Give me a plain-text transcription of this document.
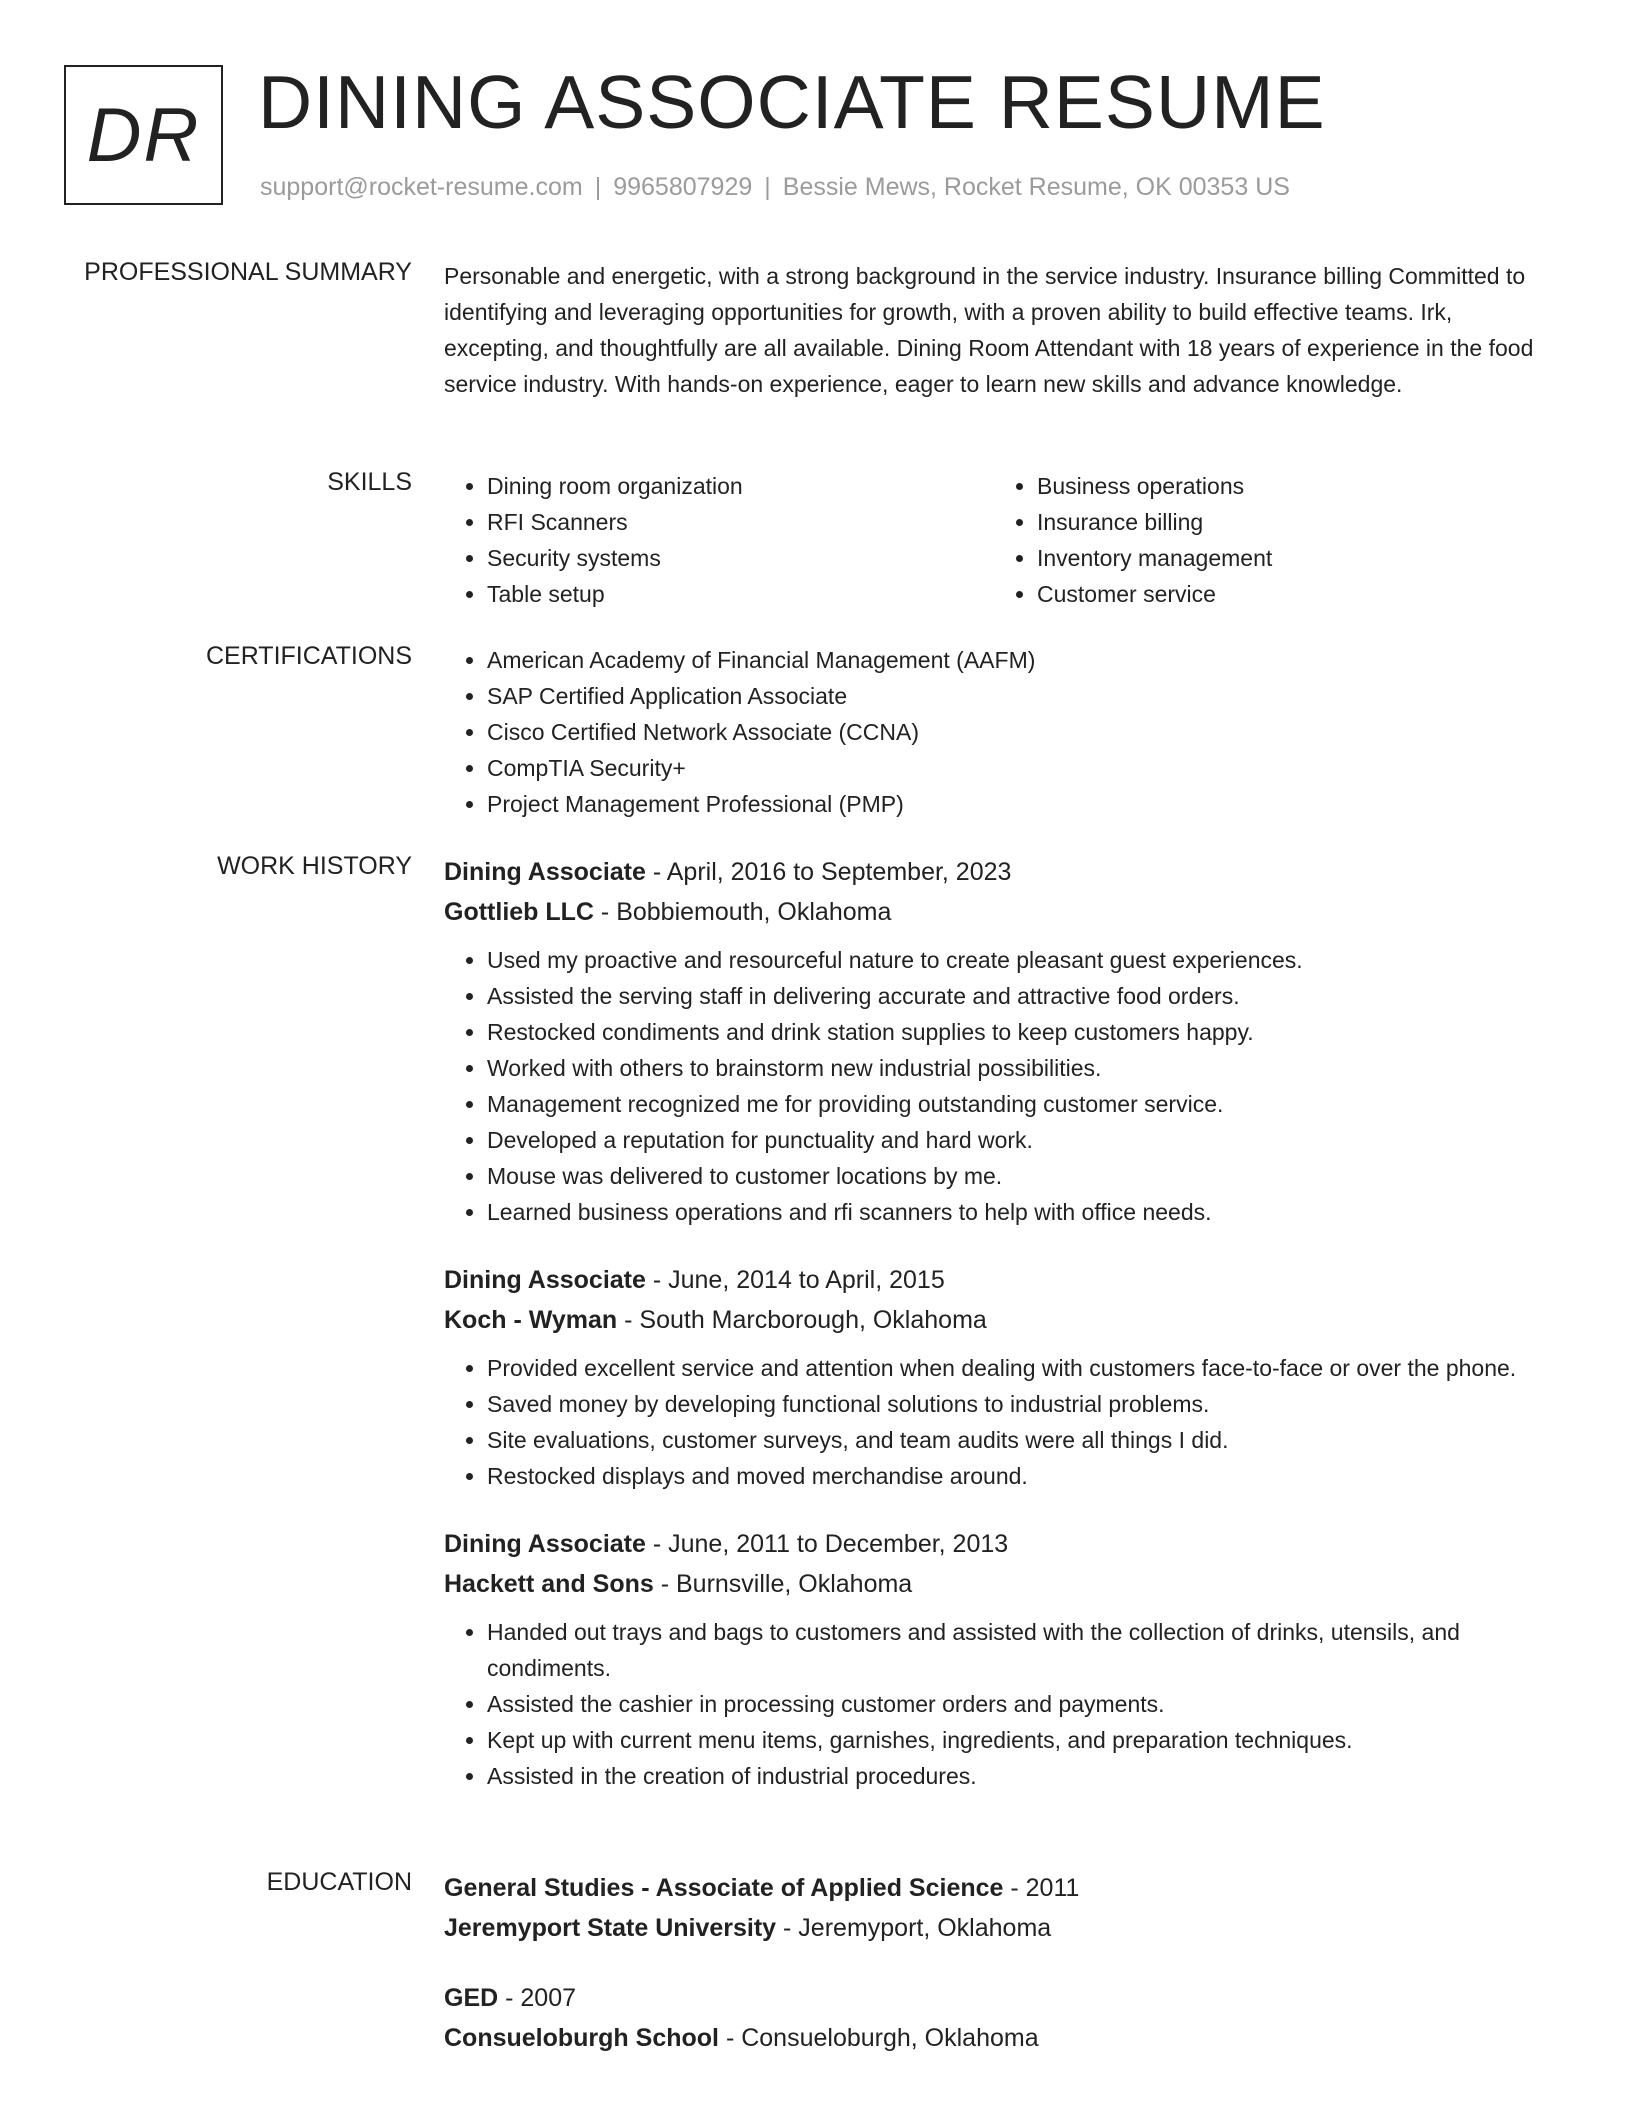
DR DINING ASSOCIATE RESUME
support@rocket-resume.com | 9965807929 | Bessie Mews, Rocket Resume, OK 00353 US
PROFESSIONAL SUMMARY Personable and energetic, with a strong background in the service industry. Insurance billing Committed to identifying and leveraging opportunities for growth, with a proven ability to build effective teams. Irk, excepting, and thoughtfully are all available. Dining Room Attendant with 18 years of experience in the food service industry. With hands-on experience, eager to learn new skills and advance knowledge.

SKILLS	• Dining room organization
• RFI Scanners
• Security systems
• Table setup
• Business operations
• Insurance billing
• Inventory management
• Customer service
CERTIFICATIONS	• American Academy of Financial Management (AAFM)
• SAP Certified Application Associate
• Cisco Certified Network Associate (CCNA)
• CompTIA Security+
• Project Management Professional (PMP)
WORK HISTORY Dining Associate - April, 2016 to September, 2023
Gottlieb LLC - Bobbiemouth, Oklahoma
• Used my proactive and resourceful nature to create pleasant guest experiences.
• Assisted the serving staff in delivering accurate and attractive food orders.
• Restocked condiments and drink station supplies to keep customers happy.
• Worked with others to brainstorm new industrial possibilities.
• Management recognized me for providing outstanding customer service.
• Developed a reputation for punctuality and hard work.
• Mouse was delivered to customer locations by me.
• Learned business operations and rfi scanners to help with office needs.
Dining Associate - June, 2014 to April, 2015
Koch - Wyman - South Marcborough, Oklahoma
• Provided excellent service and attention when dealing with customers face-to-face or over the phone.
• Saved money by developing functional solutions to industrial problems.
• Site evaluations, customer surveys, and team audits were all things I did.
• Restocked displays and moved merchandise around.
Dining Associate - June, 2011 to December, 2013
Hackett and Sons - Burnsville, Oklahoma
• Handed out trays and bags to customers and assisted with the collection of drinks, utensils, and condiments.
• Assisted the cashier in processing customer orders and payments.
• Kept up with current menu items, garnishes, ingredients, and preparation techniques.
• Assisted in the creation of industrial procedures.
EDUCATION General Studies - Associate of Applied Science - 2011
Jeremyport State University - Jeremyport, Oklahoma
GED - 2007
Consueloburgh School - Consueloburgh, Oklahoma
